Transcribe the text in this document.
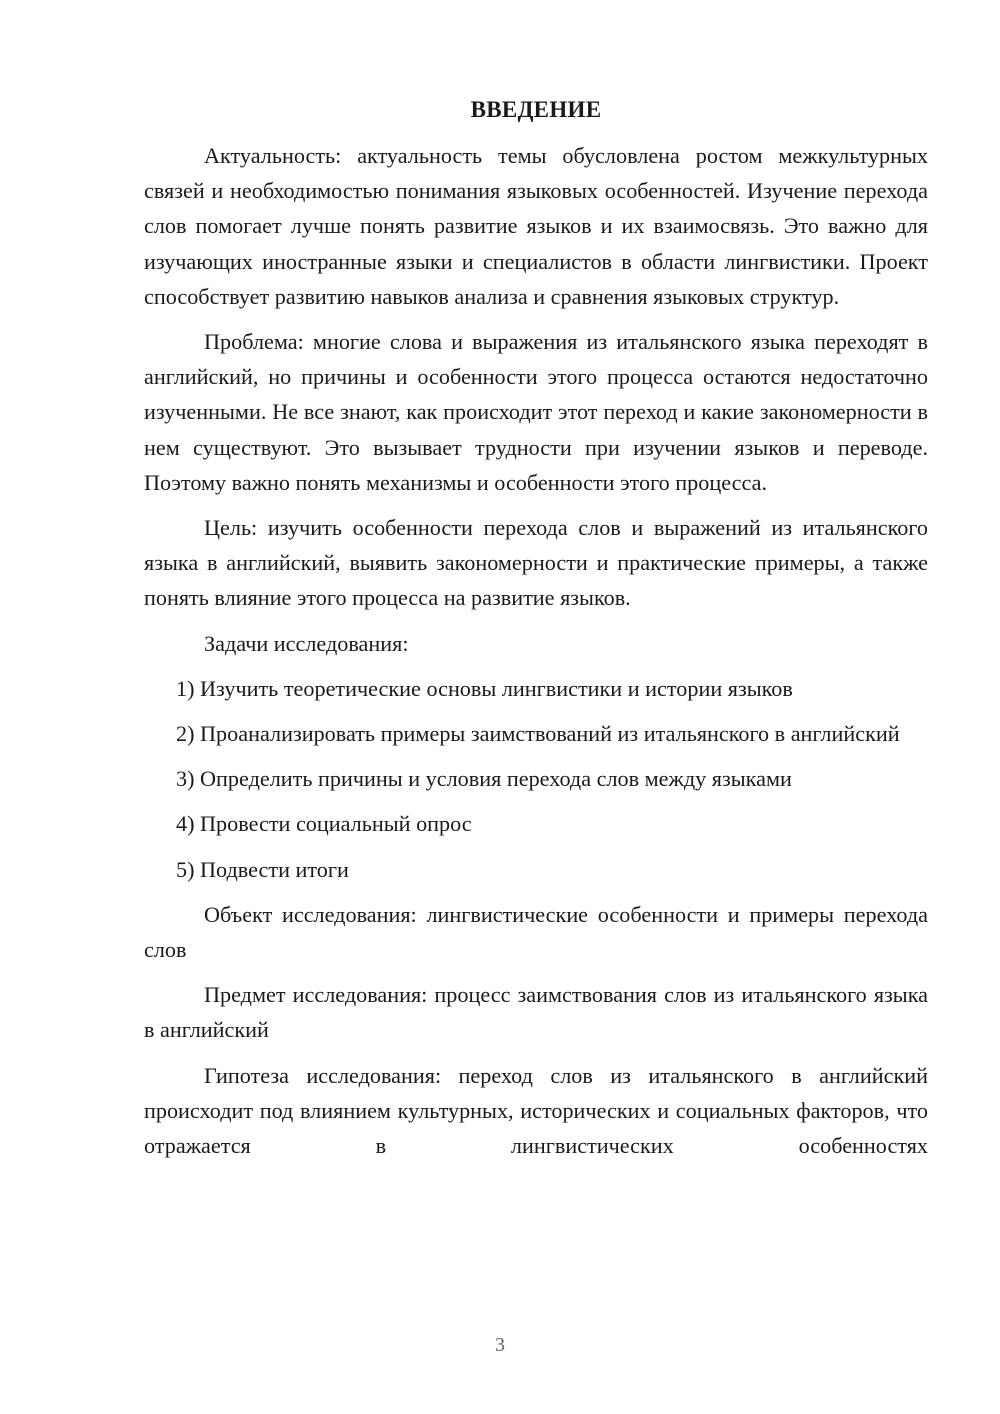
ВВЕДЕНИЕ

Актуальность: актуальность темы обусловлена ростом межкультурных связей и необходимостью понимания языковых особенностей. Изучение перехода слов помогает лучше понять развитие языков и их взаимосвязь. Это важно для изучающих иностранные языки и специалистов в области лингвистики. Проект способствует развитию навыков анализа и сравнения языковых структур.

Проблема: многие слова и выражения из итальянского языка переходят в английский, но причины и особенности этого процесса остаются недостаточно изученными. Не все знают, как происходит этот переход и какие закономерности в нем существуют. Это вызывает трудности при изучении языков и переводе. Поэтому важно понять механизмы и особенности этого процесса.

Цель: изучить особенности перехода слов и выражений из итальянского языка в английский, выявить закономерности и практические примеры, а также понять влияние этого процесса на развитие языков.

Задачи исследования:

1) Изучить теоретические основы лингвистики и истории языков

2) Проанализировать примеры заимствований из итальянского в английский

3) Определить причины и условия перехода слов между языками

4) Провести социальный опрос

5) Подвести итоги

Объект исследования: лингвистические особенности и примеры перехода слов

Предмет исследования: процесс заимствования слов из итальянского языка в английский

Гипотеза исследования: переход слов из итальянского в английский происходит под влиянием культурных, исторических и социальных факторов, что отражается в лингвистических особенностях

3
